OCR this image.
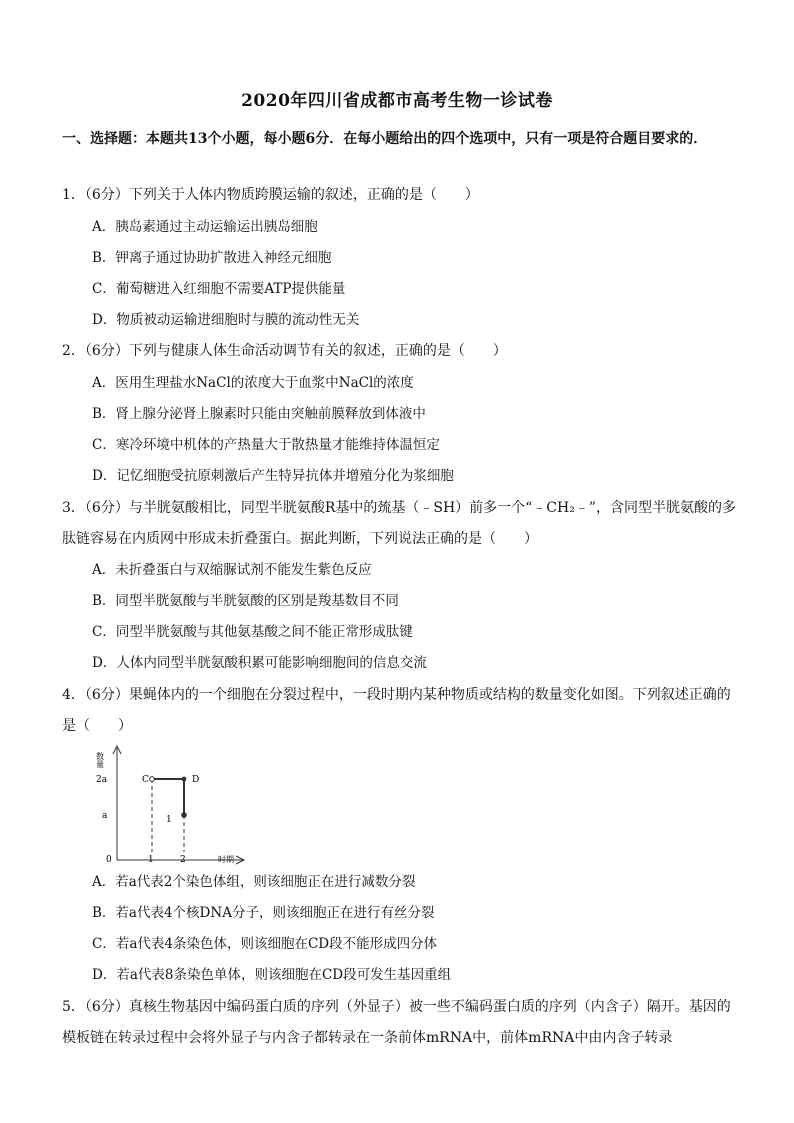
2020年四川省成都市高考生物一诊试卷
一、选择题：本题共13个小题，每小题6分．在每小题给出的四个选项中，只有一项是符合题目要求的．
1．（6分）下列关于人体内物质跨膜运输的叙述，正确的是（　　）
A．胰岛素通过主动运输运出胰岛细胞
B．钾离子通过协助扩散进入神经元细胞
C．葡萄糖进入红细胞不需要ATP提供能量
D．物质被动运输进细胞时与膜的流动性无关
2．（6分）下列与健康人体生命活动调节有关的叙述，正确的是（　　）
A．医用生理盐水NaCl的浓度大于血浆中NaCl的浓度
B．肾上腺分泌肾上腺素时只能由突触前膜释放到体液中
C．寒冷环境中机体的产热量大于散热量才能维持体温恒定
D．记忆细胞受抗原刺激后产生特异抗体并增殖分化为浆细胞
3．（6分）与半胱氨酸相比，同型半胱氨酸R基中的巯基（﹣SH）前多一个“﹣CH₂﹣”，含同型半胱氨酸的多肽链容易在内质网中形成未折叠蛋白。据此判断，下列说法正确的是（　　）
A．未折叠蛋白与双缩脲试剂不能发生紫色反应
B．同型半胱氨酸与半胱氨酸的区别是羧基数目不同
C．同型半胱氨酸与其他氨基酸之间不能正常形成肽键
D．人体内同型半胱氨酸积累可能影响细胞间的信息交流
4．（6分）果蝇体内的一个细胞在分裂过程中，一段时期内某种物质或结构的数量变化如图。下列叙述正确的是（　　）
数量
2a
a
0	1	2	时期
C	D
1
A．若a代表2个染色体组，则该细胞正在进行减数分裂
B．若a代表4个核DNA分子，则该细胞正在进行有丝分裂
C．若a代表4条染色体，则该细胞在CD段不能形成四分体
D．若a代表8条染色单体，则该细胞在CD段可发生基因重组
5．（6分）真核生物基因中编码蛋白质的序列（外显子）被一些不编码蛋白质的序列（内含子）隔开。基因的模板链在转录过程中会将外显子与内含子都转录在一条前体mRNA中，前体mRNA中由内含子转录
